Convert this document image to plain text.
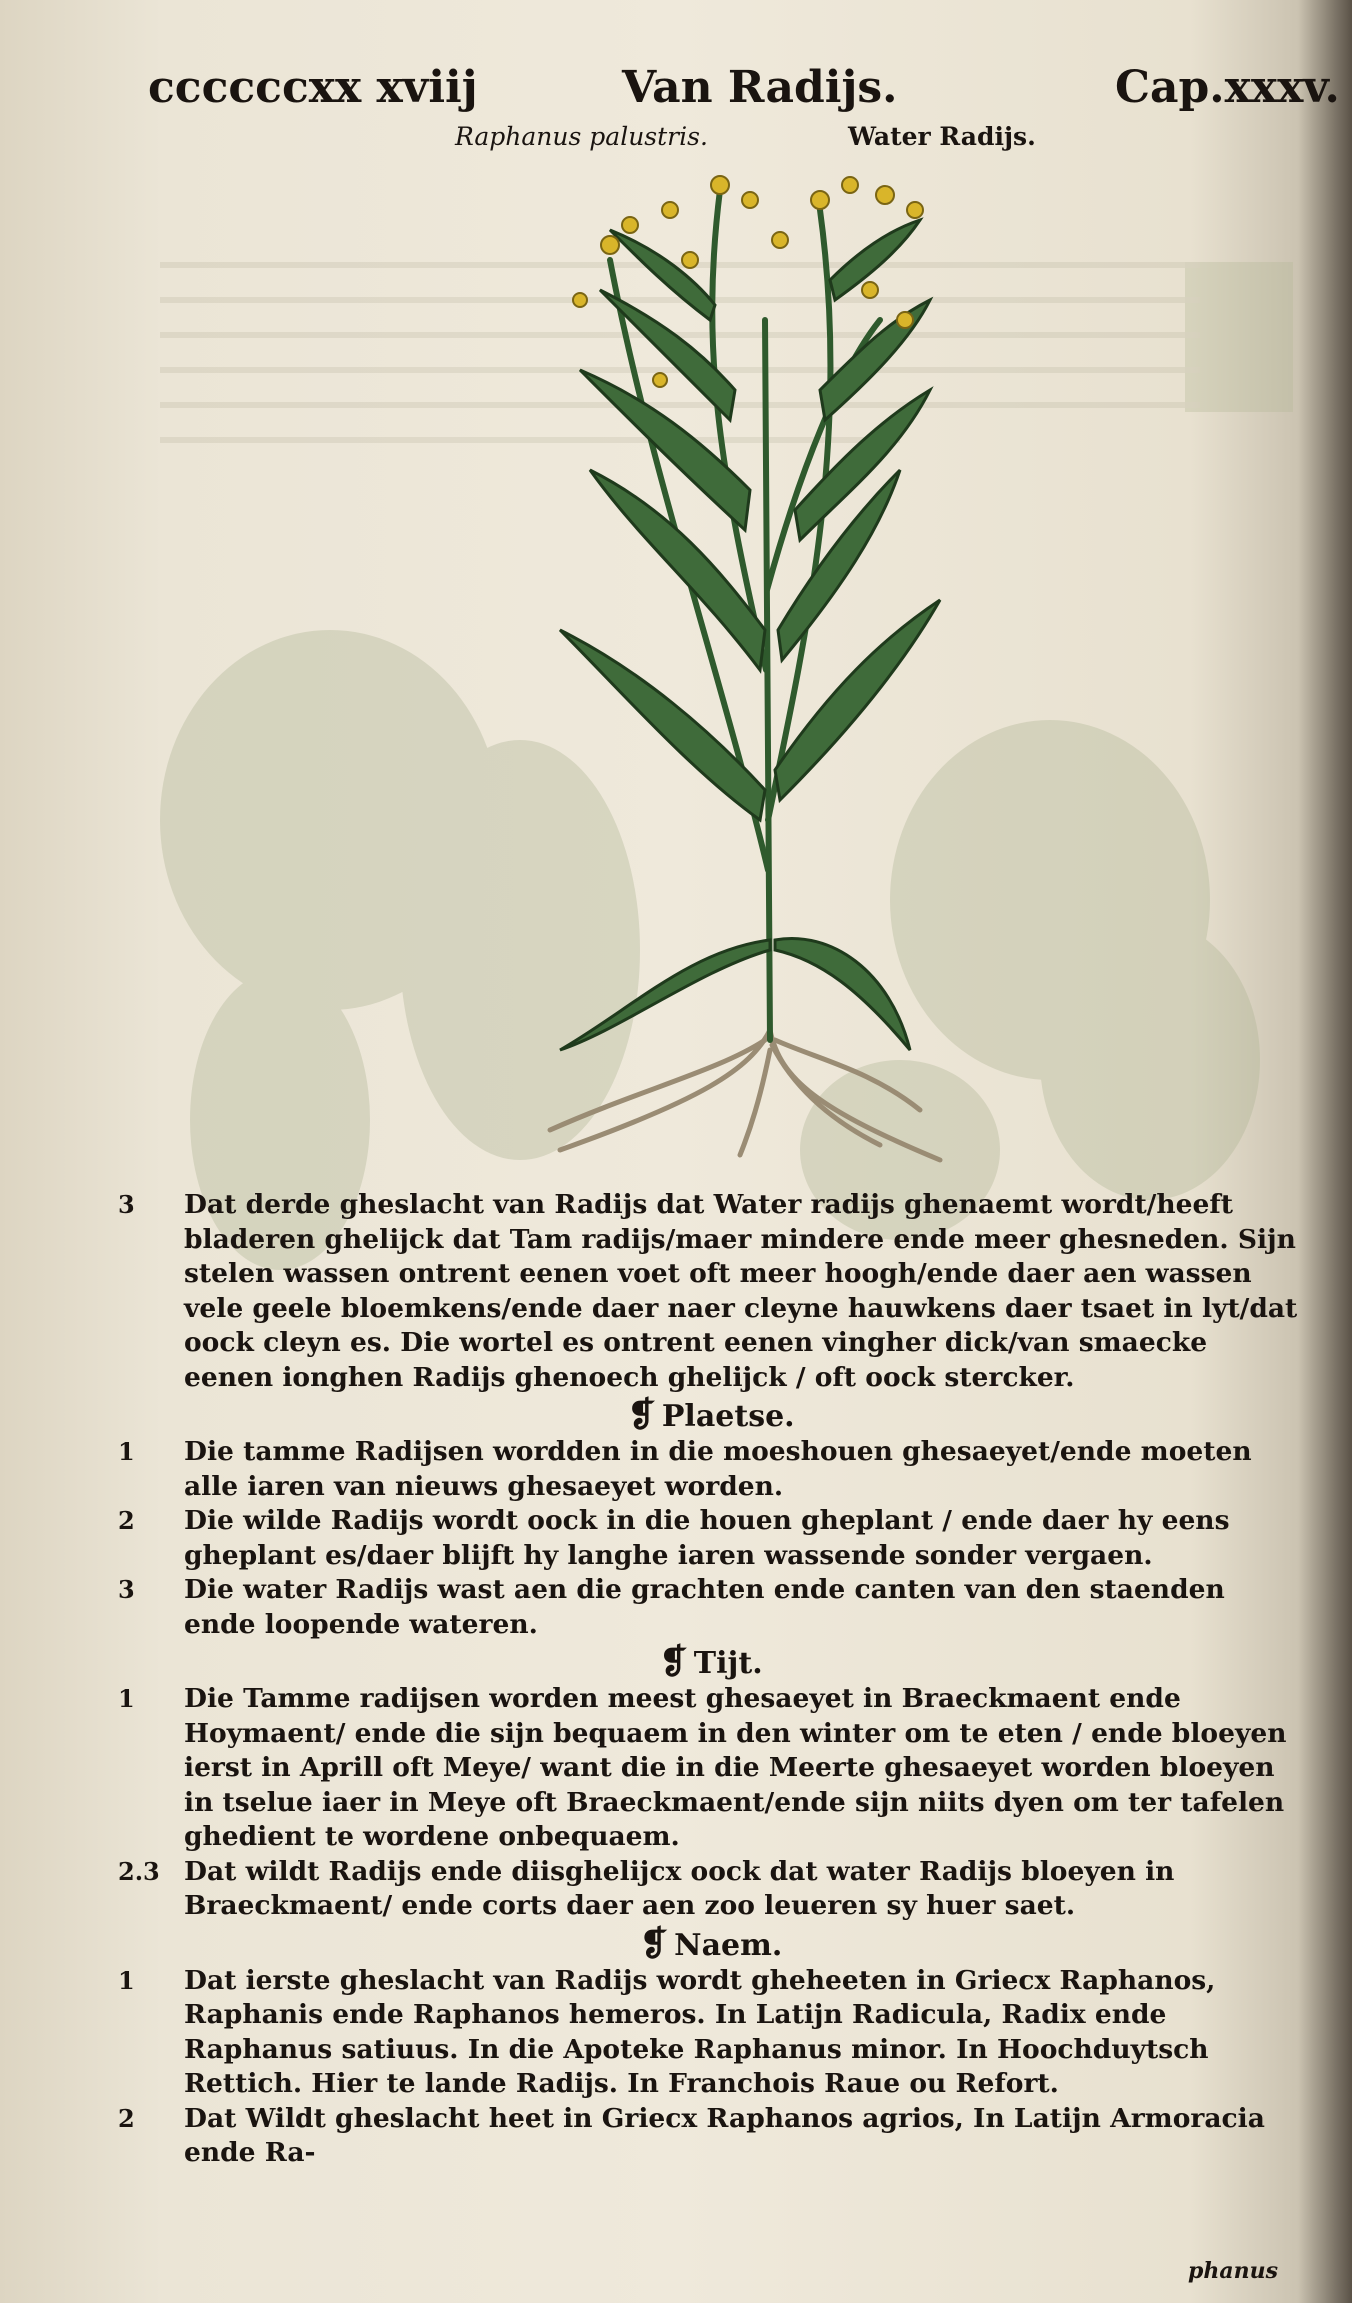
ccccccxx xviij	Van Radijs.	Cap.xxxv.
Raphanus palustris.	Water Radijs.
3	Dat derde gheslacht van Radijs dat Water radijs ghenaemt wordt/heeft bladeren ghelijck dat Tam radijs/maer mindere ende meer ghesneden. Sijn stelen wassen ontrent eenen voet oft meer hoogh/ende daer aen wassen vele geele bloemkens/ende daer naer cleyne hauwkens daer tsaet in lyt/dat oock cleyn es. Die wortel es ontrent eenen vingher dick/van smaecke eenen ionghen Radijs ghenoech ghelijck / oft oock stercker.
❡ Plaetse.
1	Die tamme Radijsen wordden in die moeshouen ghesaeyet/ende moeten alle iaren van nieuws ghesaeyet worden.
2	Die wilde Radijs wordt oock in die houen gheplant / ende daer hy eens gheplant es/daer blijft hy langhe iaren wassende sonder vergaen.
3	Die water Radijs wast aen die grachten ende canten van den staenden ende loopende wateren.
❡ Tijt.
1	Die Tamme radijsen worden meest ghesaeyet in Braeckmaent ende Hoymaent/ ende die sijn bequaem in den winter om te eten / ende bloeyen ierst in Aprill oft Meye/ want die in die Meerte ghesaeyet worden bloeyen in tselue iaer in Meye oft Braeckmaent/ende sijn niits dyen om ter tafelen ghedient te wordene onbequaem.
2.3 Dat wildt Radijs ende diisghelijcx oock dat water Radijs bloeyen in Braeckmaent/ ende corts daer aen zoo leueren sy huer saet.
❡ Naem.
1	Dat ierste gheslacht van Radijs wordt gheheeten in Griecx Raphanos, Raphanis ende Raphanos hemeros. In Latijn Radicula, Radix ende Raphanus satiuus. In die Apoteke Raphanus minor. In Hoochduytsch Rettich. Hier te lande Radijs. In Franchois Raue ou Refort.
2	Dat Wildt gheslacht heet in Griecx Raphanos agrios, In Latijn Armoracia ende Ra-
phanus
